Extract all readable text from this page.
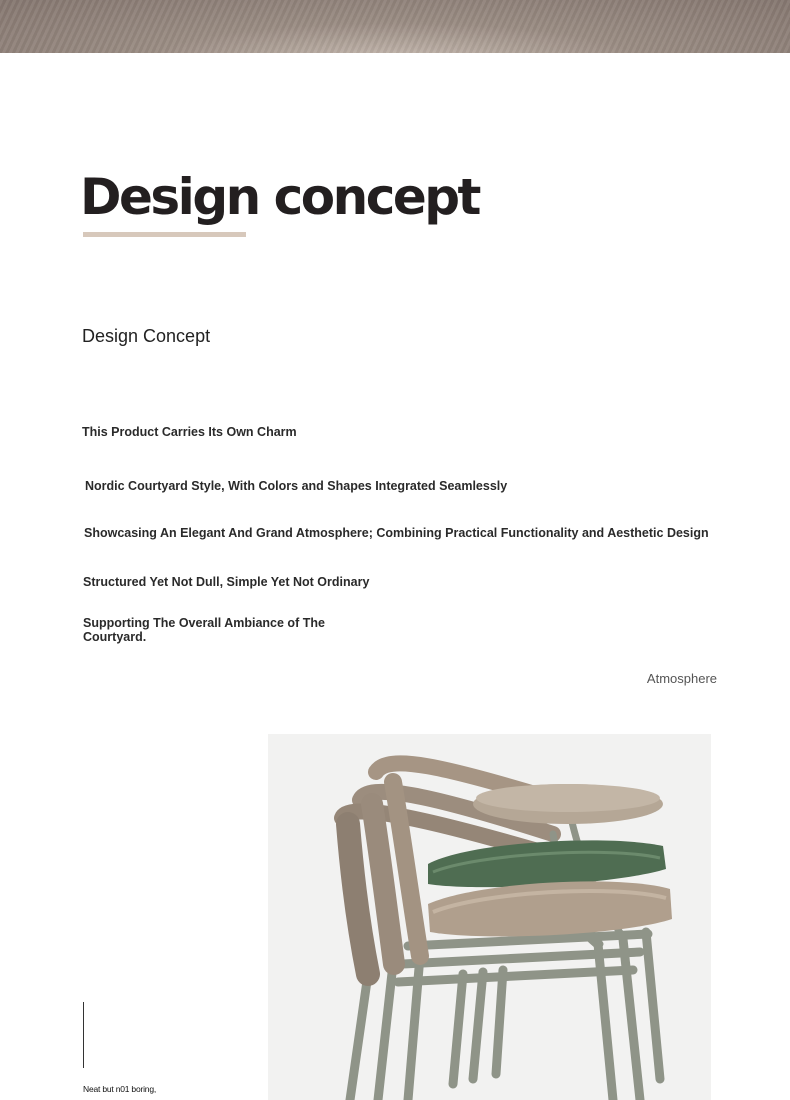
Design concept
Design Concept
This Product Carries Its Own Charm
Nordic Courtyard Style, With Colors and Shapes Integrated Seamlessly
Showcasing An Elegant And Grand Atmosphere; Combining Practical Functionality and Aesthetic Design
Structured Yet Not Dull, Simple Yet Not Ordinary
Supporting The Overall Ambiance of The Courtyard.
Atmosphere
Neat but n01 boring,
